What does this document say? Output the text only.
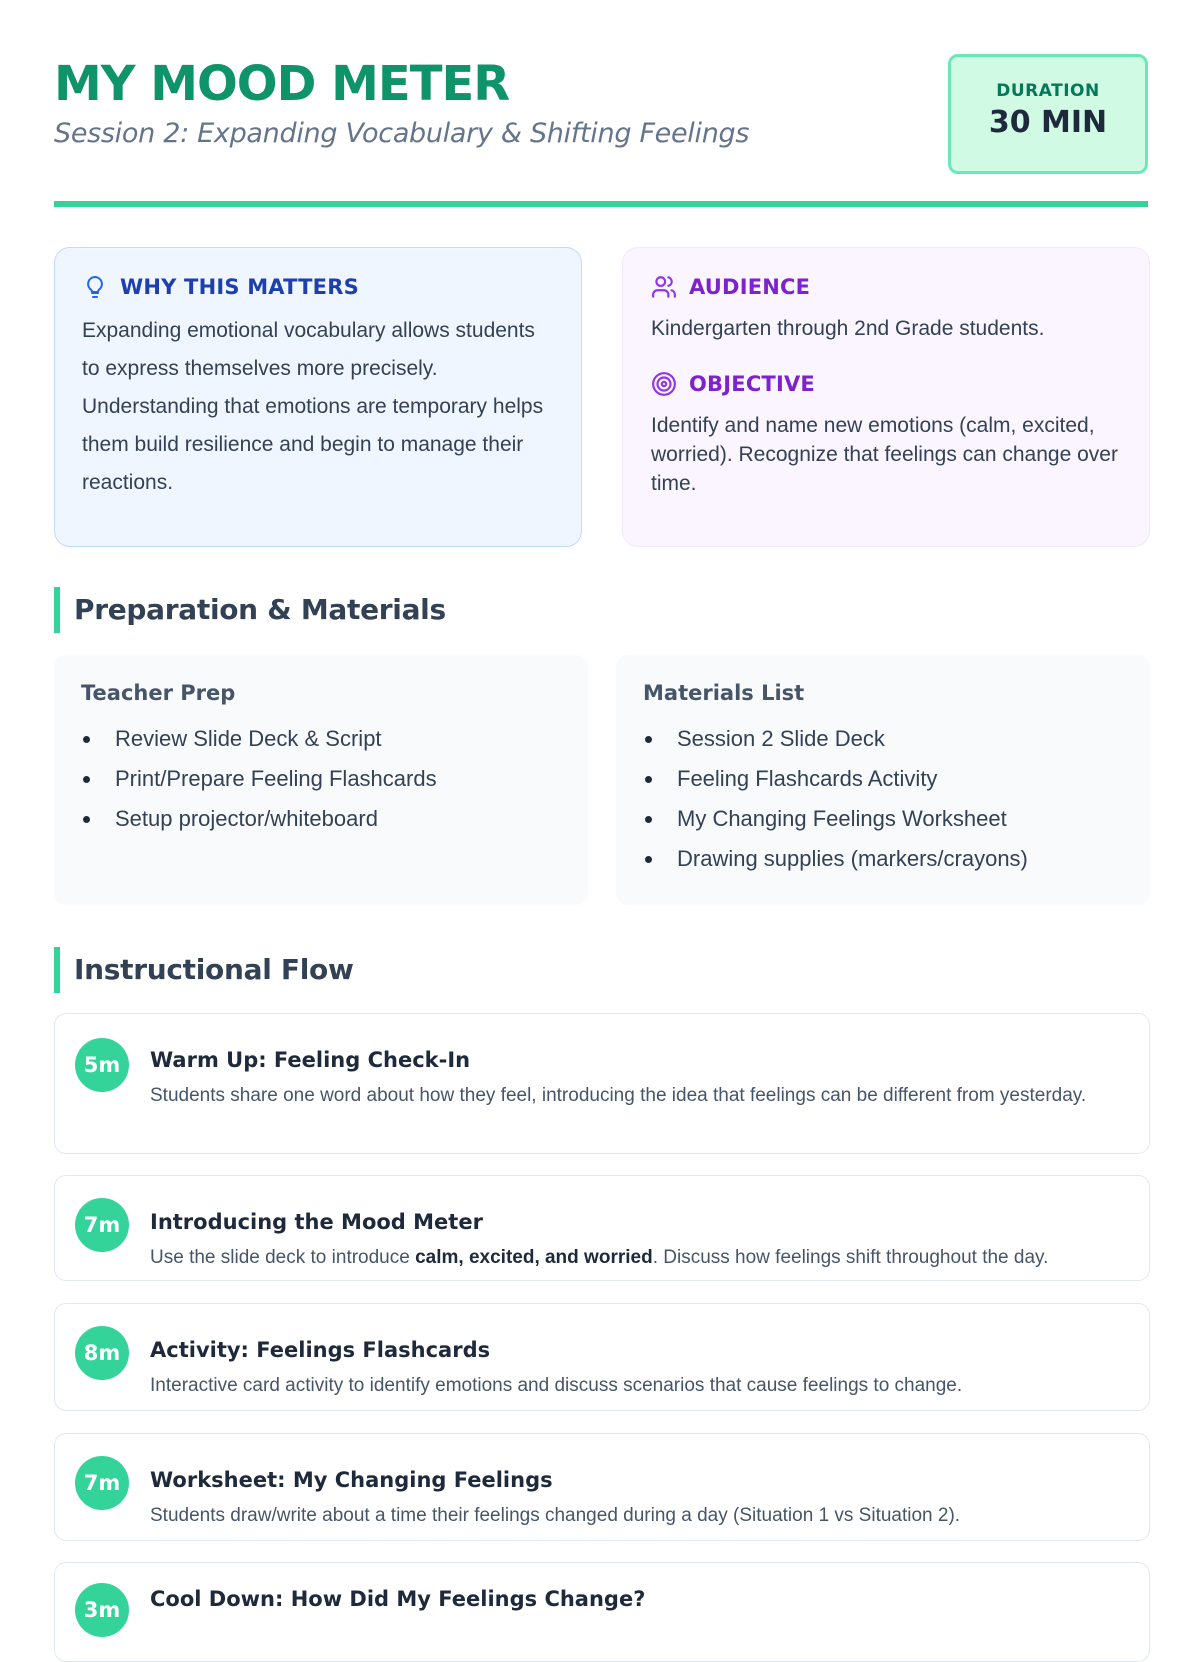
MY MOOD METER
Session 2: Expanding Vocabulary & Shifting Feelings
DURATION
30 MIN
WHY THIS MATTERS

Expanding emotional vocabulary allows students to express themselves more precisely. Understanding that emotions are temporary helps them build resilience and begin to manage their reactions.

AUDIENCE

Kindergarten through 2nd Grade students.

OBJECTIVE

Identify and name new emotions (calm, excited, worried). Recognize that feelings can change over time.

Preparation & Materials
Teacher Prep
Review Slide Deck & Script
Print/Prepare Feeling Flashcards
Setup projector/whiteboard
Materials List
Session 2 Slide Deck
Feeling Flashcards Activity
My Changing Feelings Worksheet
Drawing supplies (markers/crayons)
Instructional Flow
5m	Warm Up: Feeling Check-In
Students share one word about how they feel, introducing the idea that feelings can be different from yesterday.
7m	Introducing the Mood Meter
Use the slide deck to introduce calm, excited, and worried. Discuss how feelings shift throughout the day.
8m	Activity: Feelings Flashcards
Interactive card activity to identify emotions and discuss scenarios that cause feelings to change.
7m	Worksheet: My Changing Feelings
Students draw/write about a time their feelings changed during a day (Situation 1 vs Situation 2).
3m	Cool Down: How Did My Feelings Change?
